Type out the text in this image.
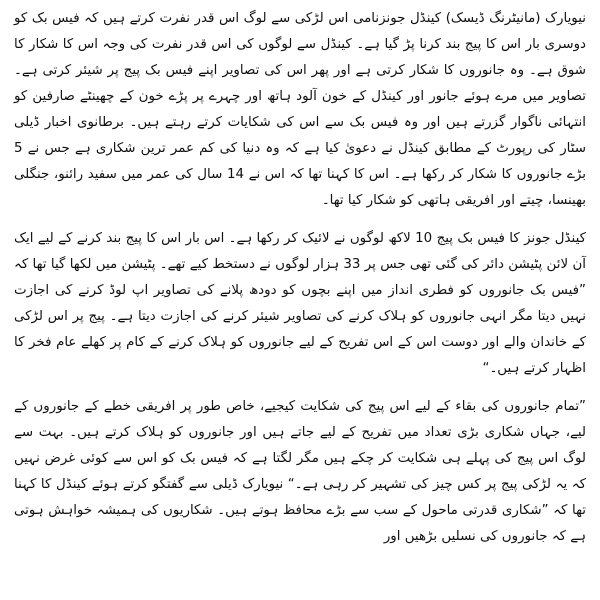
نیویارک (مانیٹرنگ ڈیسک) کینڈل جونزنامی اس لڑکی سے لوگ اس قدر نفرت کرتے ہیں کہ فیس بک کو دوسری بار اس کا پیج بند کرنا پڑ گیا ہے۔ کینڈل سے لوگوں کی اس قدر نفرت کی وجہ اس کا شکار کا شوق ہے۔ وہ جانوروں کا شکار کرتی ہے اور پھر اس کی تصاویر اپنے فیس بک پیج پر شیئر کرتی ہے۔ تصاویر میں مرے ہوئے جانور اور کینڈل کے خون آلود ہاتھ اور چہرے پر پڑے خون کے چھینٹے صارفین کو انتہائی ناگوار گزرتے ہیں اور وہ فیس بک سے اس کی شکایات کرتے رہتے ہیں۔ برطانوی اخبار ڈیلی سٹار کی رپورٹ کے مطابق کینڈل نے دعویٰ کیا ہے کہ وہ دنیا کی کم عمر ترین شکاری ہے جس نے 5 بڑے جانوروں کا شکار کر رکھا ہے۔ اس کا کہنا تھا کہ اس نے 14 سال کی عمر میں سفید رائنو، جنگلی بھینسا، چیتے اور افریقی ہاتھی کو شکار کیا تھا۔

کینڈل جونز کا فیس بک پیج 10 لاکھ لوگوں نے لائیک کر رکھا ہے۔ اس بار اس کا پیج بند کرنے کے لیے ایک آن لائن پٹیشن دائر کی گئی تھی جس پر 33 ہزار لوگوں نے دستخط کیے تھے۔ پٹیشن میں لکھا گیا تھا کہ ”فیس بک جانوروں کو فطری انداز میں اپنے بچوں کو دودھ پلانے کی تصاویر اپ لوڈ کرنے کی اجازت نہیں دیتا مگر انہی جانوروں کو ہلاک کرنے کی تصاویر شیئر کرنے کی اجازت دیتا ہے۔ پیج پر اس لڑکی کے خاندان والے اور دوست اس کے اس تفریح کے لیے جانوروں کو ہلاک کرنے کے کام پر کھلے عام فخر کا اظہار کرتے ہیں۔“

”تمام جانوروں کی بقاء کے لیے اس پیج کی شکایت کیجیے، خاص طور پر افریقی خطے کے جانوروں کے لیے، جہاں شکاری بڑی تعداد میں تفریح کے لیے جاتے ہیں اور جانوروں کو ہلاک کرتے ہیں۔ بہت سے لوگ اس پیج کی پہلے ہی شکایت کر چکے ہیں مگر لگتا ہے کہ فیس بک کو اس سے کوئی غرض نہیں کہ یہ لڑکی پیج پر کس چیز کی تشہیر کر رہی ہے۔“ نیویارک ڈیلی سے گفتگو کرتے ہوئے کینڈل کا کہنا تھا کہ ”شکاری قدرتی ماحول کے سب سے بڑے محافظ ہوتے ہیں۔ شکاریوں کی ہمیشہ خواہش ہوتی ہے کہ جانوروں کی نسلیں بڑھیں اور
